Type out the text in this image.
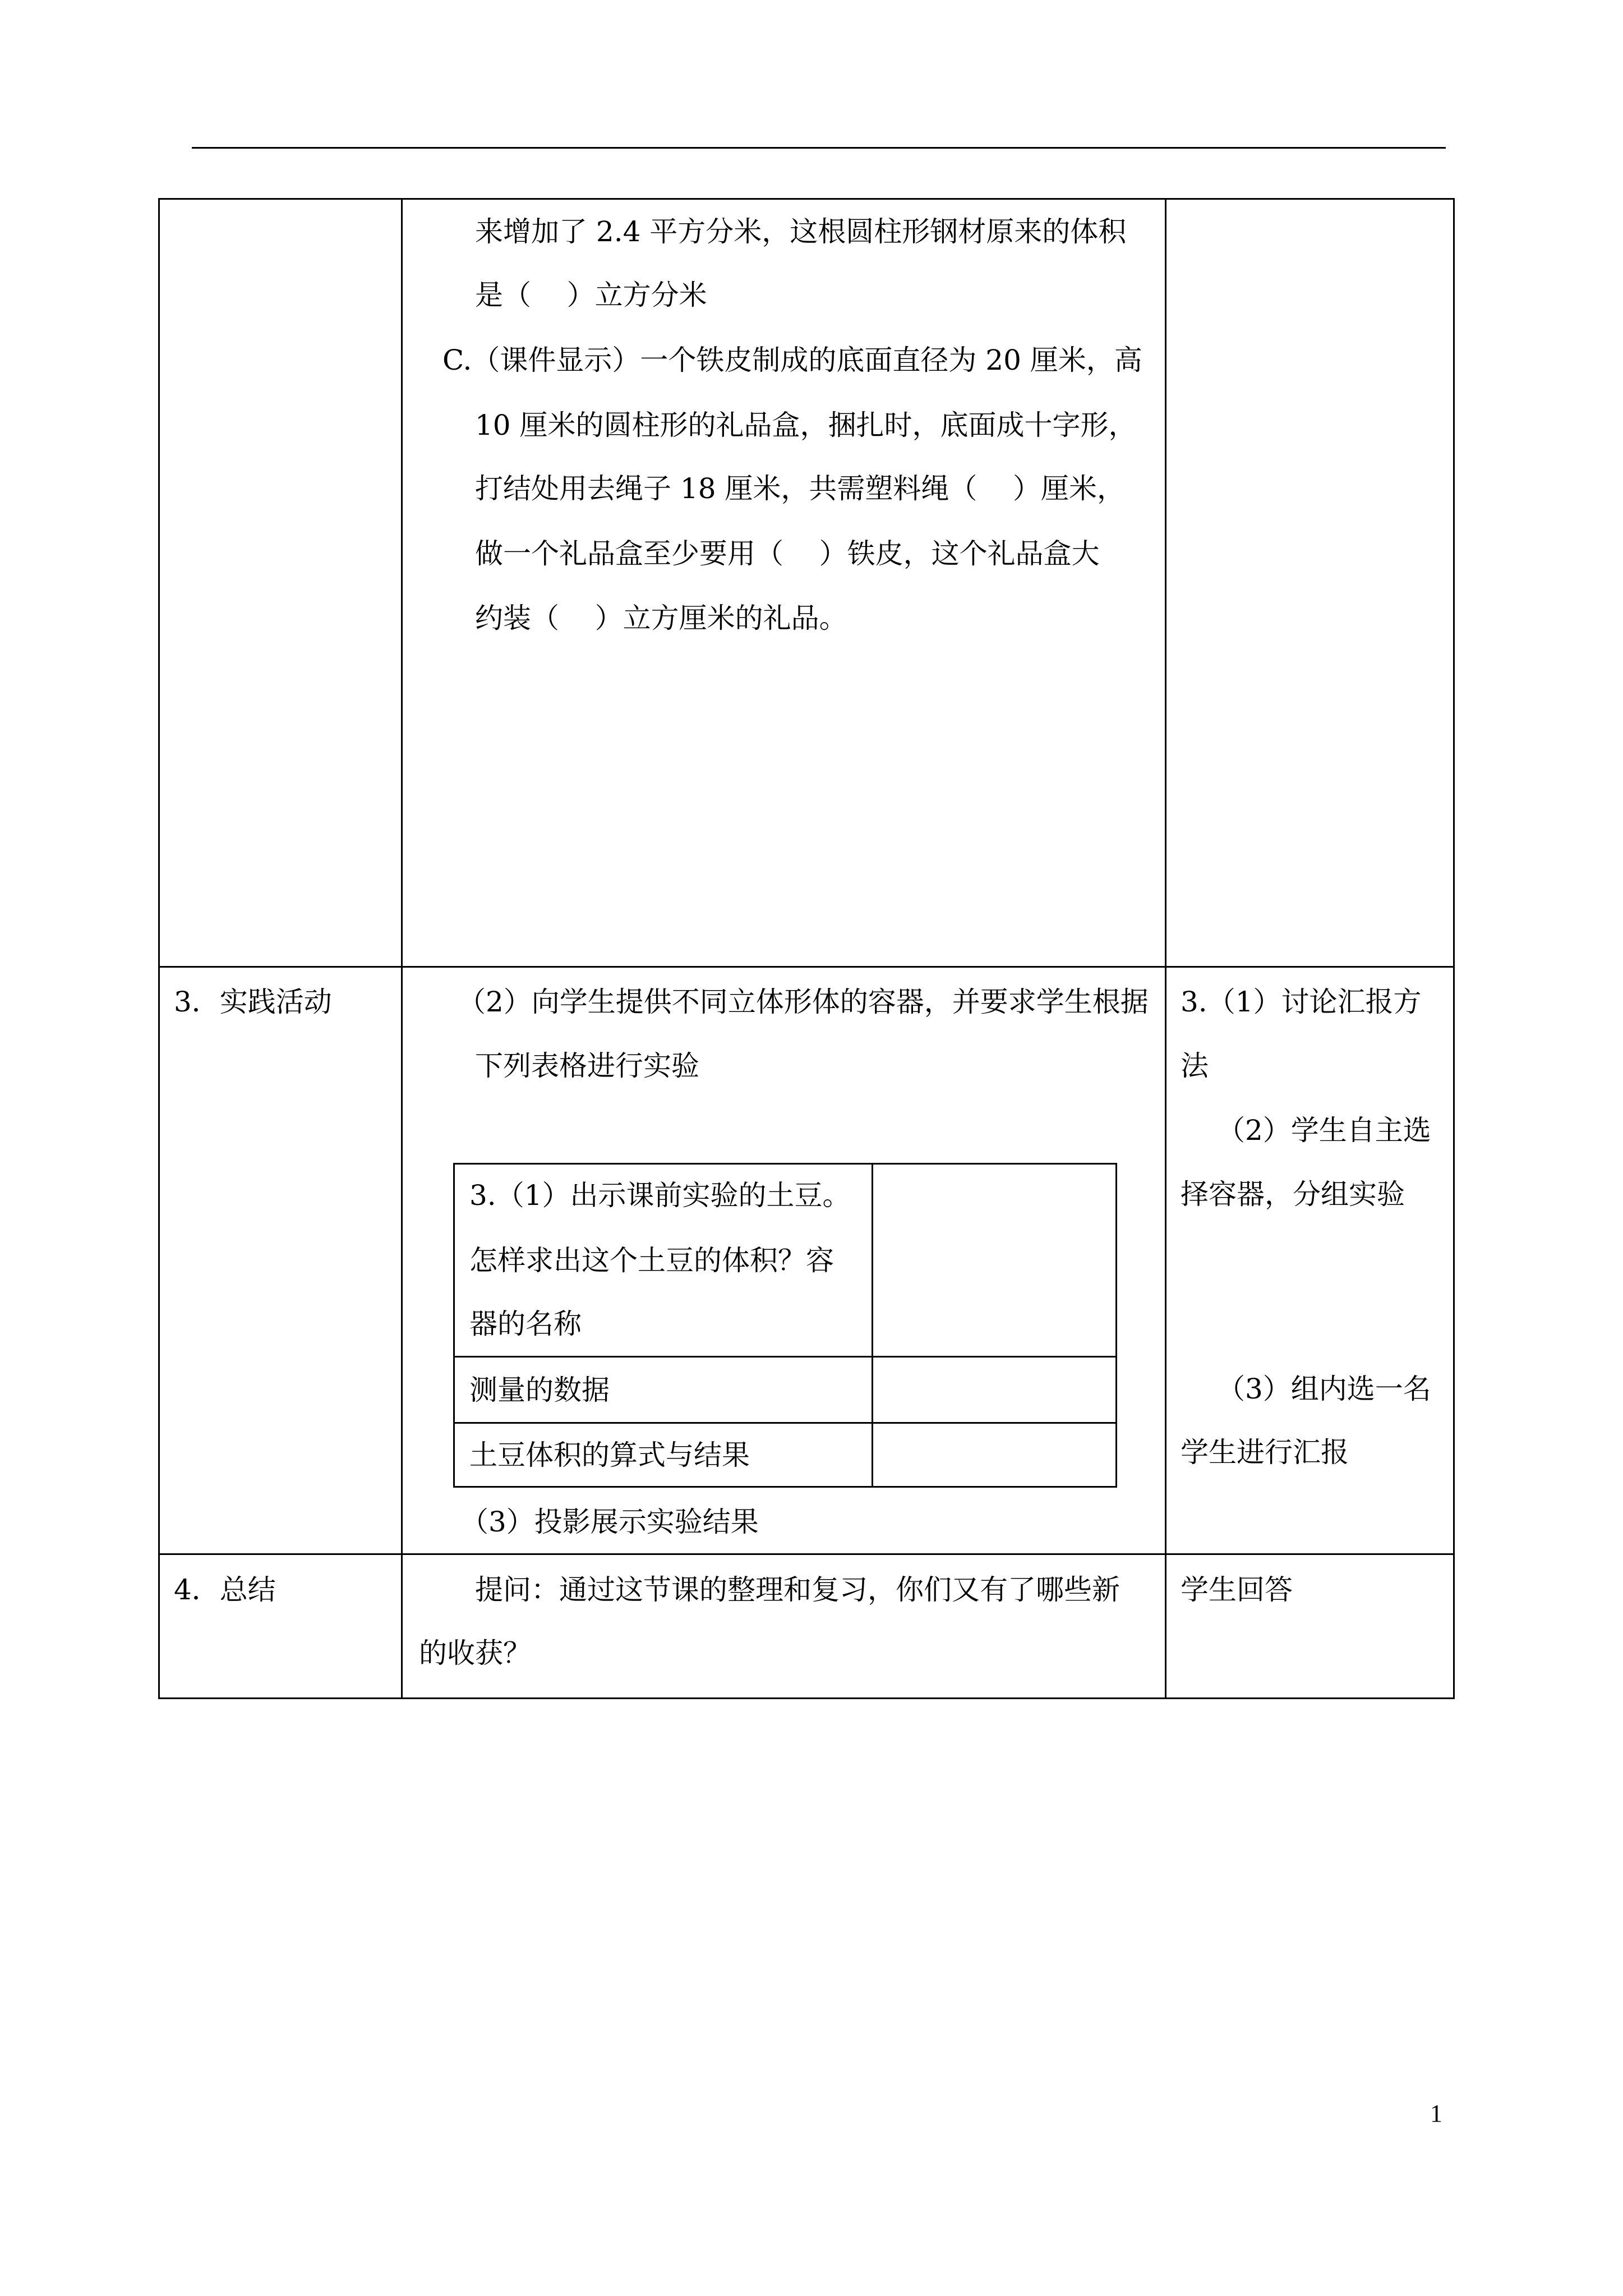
来增加了 2.4 平方分米，这根圆柱形钢材原来的体积
是（    ）立方分米
C.（课件显示）一个铁皮制成的底面直径为 20 厘米，高
10 厘米的圆柱形的礼品盒，捆扎时，底面成十字形，
打结处用去绳子 18 厘米，共需塑料绳（    ）厘米，
做一个礼品盒至少要用（    ）铁皮，这个礼品盒大
约装（    ）立方厘米的礼品。
3．实践活动	（2）向学生提供不同立体形体的容器，并要求学生根据
下列表格进行实验
3.（1）出示课前实验的土豆。
怎样求出这个土豆的体积？容
器的名称
测量的数据
土豆体积的算式与结果
（3）投影展示实验结果
3.（1）讨论汇报方
法
（2）学生自主选
择容器，分组实验
（3）组内选一名
学生进行汇报
4．总结	提问：通过这节课的整理和复习，你们又有了哪些新
的收获？
学生回答
1
